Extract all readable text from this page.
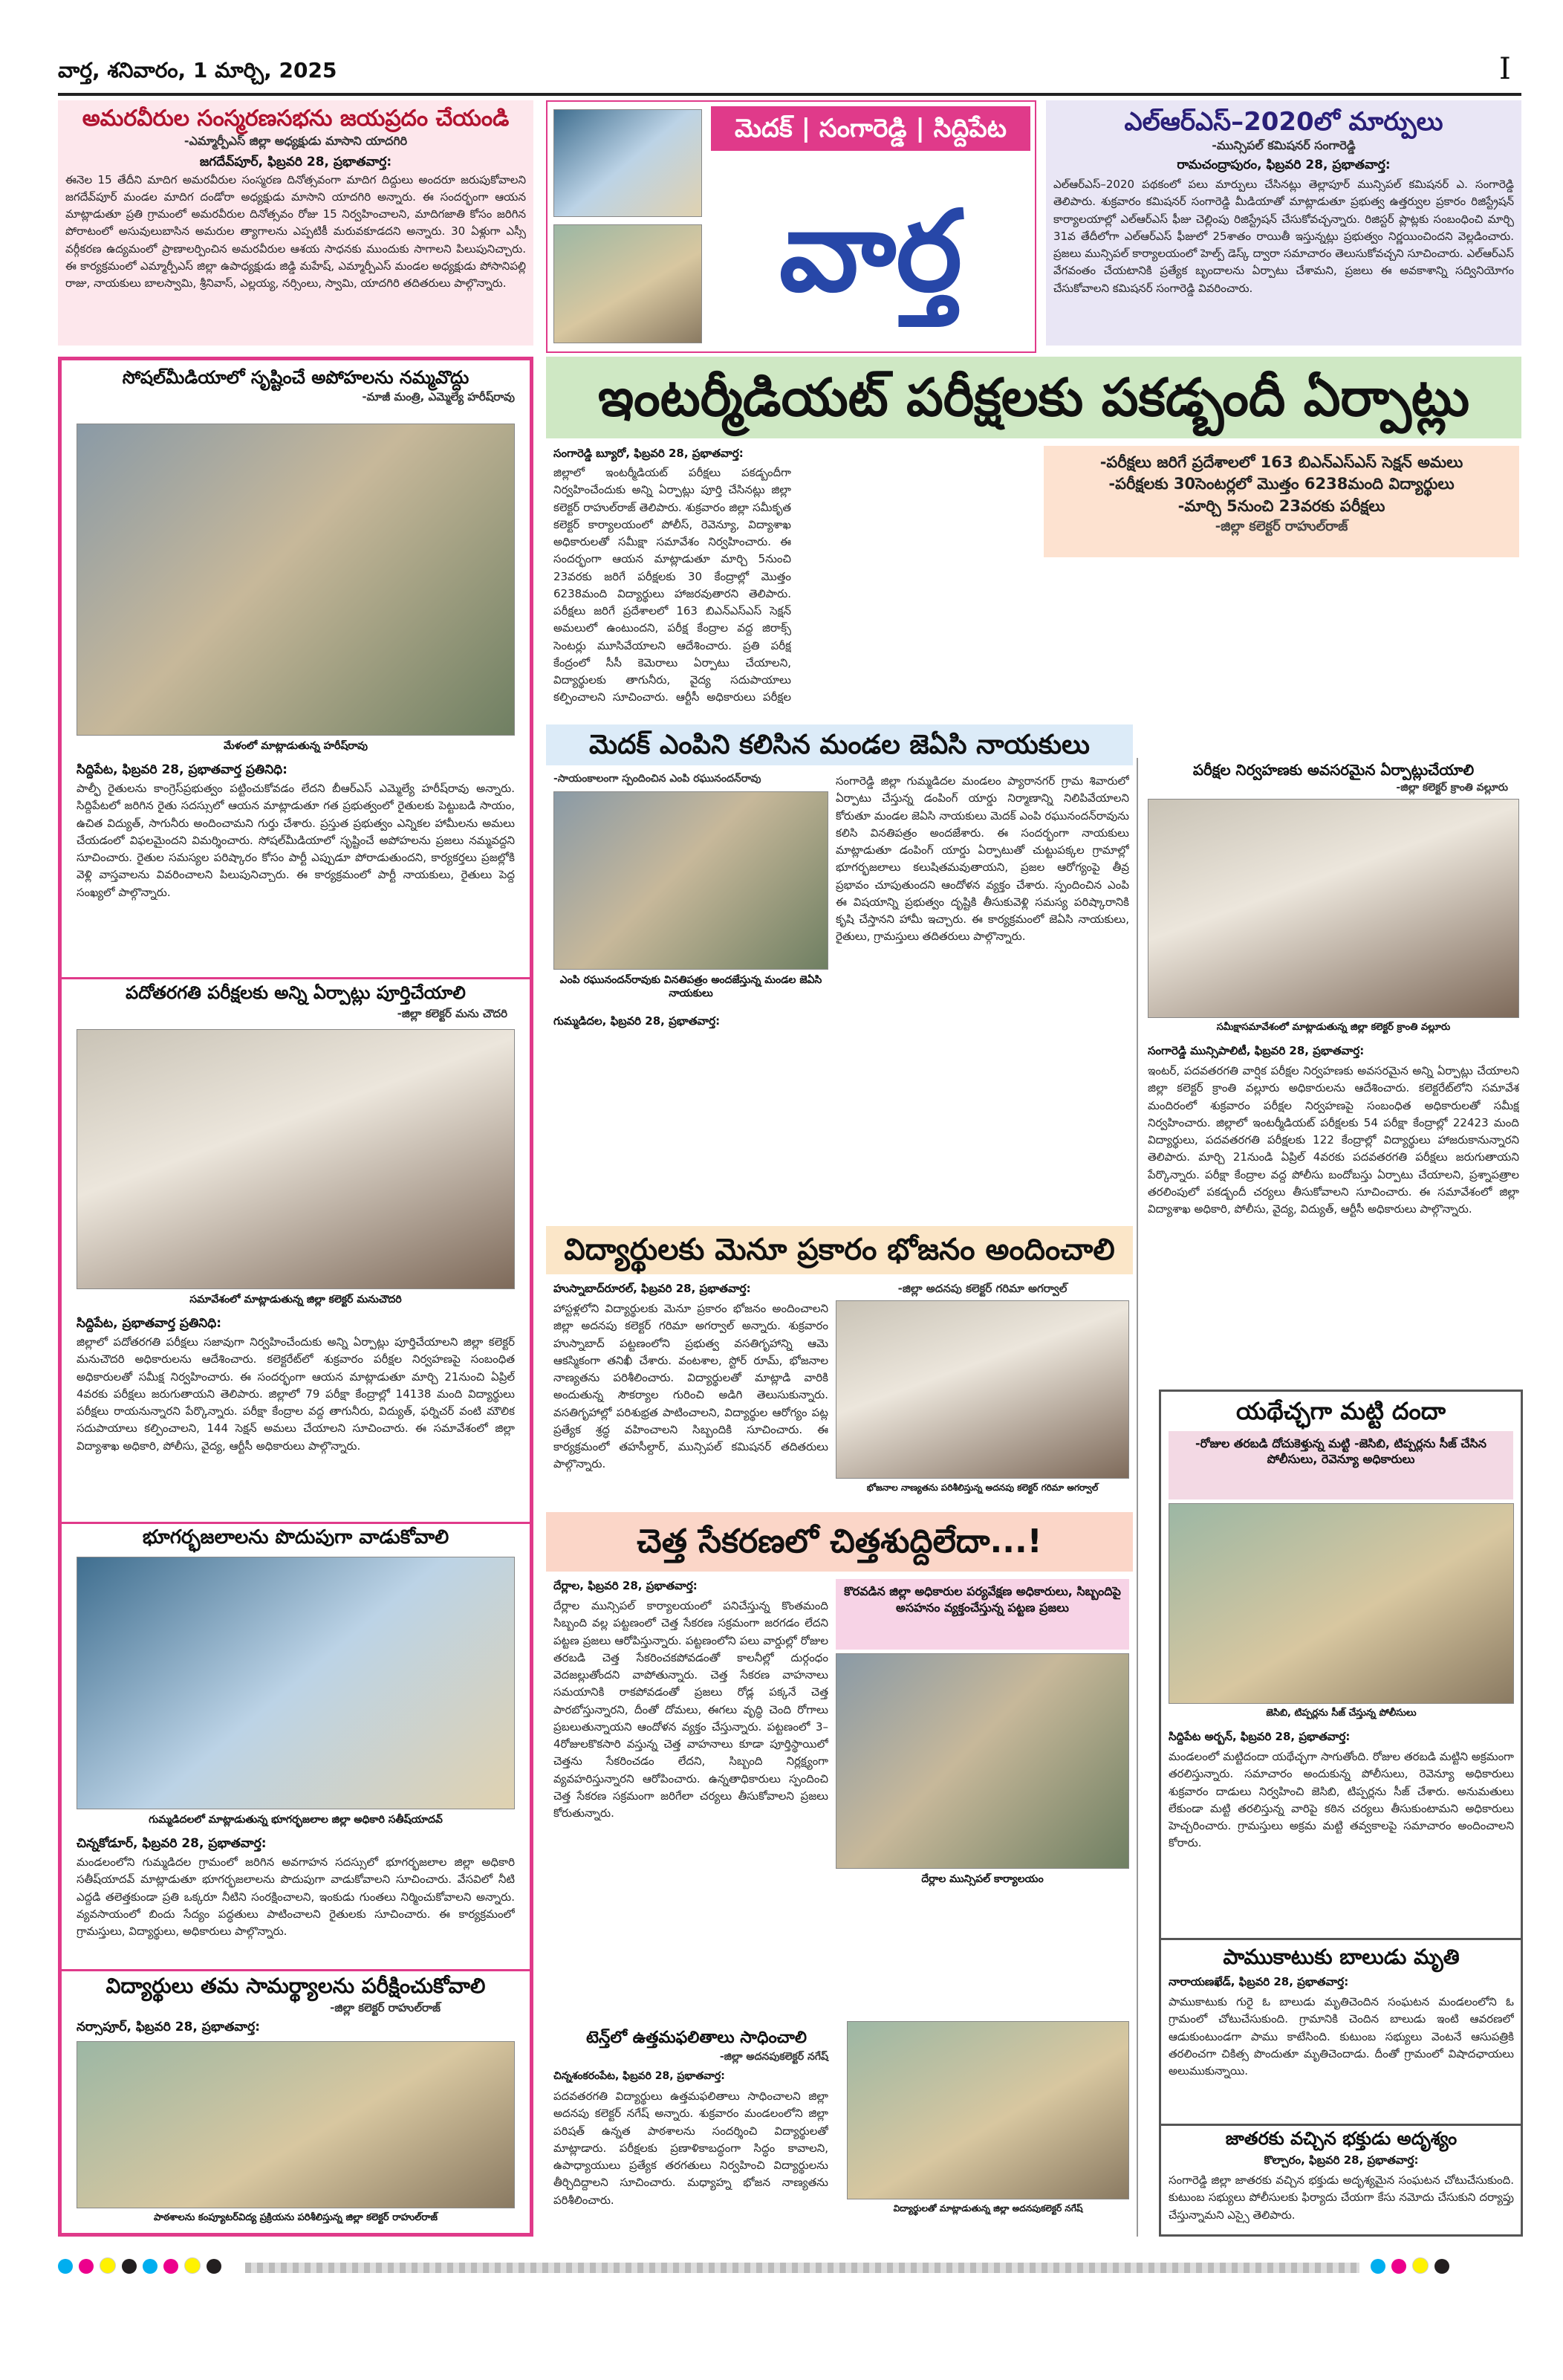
వార్త, శనివారం, 1 మార్చి, 2025	I
అమరవీరుల సంస్మరణసభను జయప్రదం చేయండి
-ఎమ్మార్పీఎస్ జిల్లా అధ్యక్షుడు మాసాని యాదగిరి
జగదేవ్‌పూర్, ఫిబ్రవరి 28, ప్రభాతవార్త:
ఈనెల 15 తేదీని మాదిగ అమరవీరుల సంస్మరణ దినోత్సవంగా మాదిగ దిద్దులు అందరూ జరుపుకోవాలని జగదేవ్‌పూర్ మండల మాదిగ దండోరా అధ్యక్షుడు మాసాని యాదగిరి అన్నారు. ఈ సందర్భంగా ఆయన మాట్లాడుతూ ప్రతి గ్రామంలో అమరవీరుల దినోత్సవం రోజు 15 నిర్వహించాలని, మాదిగజాతి కోసం జరిగిన పోరాటంలో అసువులుబాసిన అమరుల త్యాగాలను ఎప్పటికీ మరువకూడదని అన్నారు. 30 ఏళ్లుగా ఎస్సీ వర్గీకరణ ఉద్యమంలో ప్రాణాలర్పించిన అమరవీరుల ఆశయ సాధనకు ముందుకు సాగాలని పిలుపునిచ్చారు. ఈ కార్యక్రమంలో ఎమ్మార్పీఎస్ జిల్లా ఉపాధ్యక్షుడు జిడ్డి మహేష్, ఎమ్మార్పీఎస్ మండల అధ్యక్షుడు పోసానిపల్లి రాజు, నాయకులు బాలస్వామి, శ్రీనివాస్, ఎల్లయ్య, నర్సింలు, స్వామి, యాదగిరి తదితరులు పాల్గొన్నారు.
మెదక్ | సంగారెడ్డి | సిద్దిపేట
వార్త
ఎల్ఆర్ఎస్–2020లో మార్పులు
-మున్సిపల్ కమిషనర్ సంగారెడ్డి
రామచంద్రాపురం, ఫిబ్రవరి 28, ప్రభాతవార్త:
ఎల్ఆర్ఎస్–2020 పథకంలో పలు మార్పులు చేసినట్లు తెల్లాపూర్ మున్సిపల్ కమిషనర్ ఎ. సంగారెడ్డి తెలిపారు. శుక్రవారం కమిషనర్ సంగారెడ్డి మీడియాతో మాట్లాడుతూ ప్రభుత్వ ఉత్తర్వుల ప్రకారం రిజిస్ట్రేషన్ కార్యాలయాల్లో ఎల్ఆర్ఎస్ ఫీజు చెల్లింపు రిజిస్ట్రేషన్ చేసుకోవచ్చన్నారు. రిజిస్టర్ ప్లాట్లకు సంబంధించి మార్చి 31వ తేదీలోగా ఎల్ఆర్ఎస్ ఫీజులో 25శాతం రాయితీ ఇస్తున్నట్లు ప్రభుత్వం నిర్ణయించిందని వెల్లడించారు. ప్రజలు మున్సిపల్ కార్యాలయంలో హెల్ప్ డెస్క్ ద్వారా సమాచారం తెలుసుకోవచ్చని సూచించారు. ఎల్ఆర్ఎస్ వేగవంతం చేయటానికి ప్రత్యేక బృందాలను ఏర్పాటు చేశామని, ప్రజలు ఈ అవకాశాన్ని సద్వినియోగం చేసుకోవాలని కమిషనర్ సంగారెడ్డి వివరించారు.
సోషల్‌మీడియాలో సృష్టించే అపోహలను నమ్మవొద్దు
-మాజీ మంత్రి, ఎమ్మెల్యే హరీష్‌రావు
మేళంలో మాట్లాడుతున్న హరీష్‌రావు
సిద్దిపేట, ఫిబ్రవరి 28, ప్రభాతవార్త ప్రతినిధి:
పాల్ఫీ రైతులను కాంగ్రెస్‌ప్రభుత్వం పట్టించుకోవడం లేదని బీఆర్ఎస్ ఎమ్మెల్యే హరీష్‌రావు అన్నారు. సిద్దిపేటలో జరిగిన రైతు సదస్సులో ఆయన మాట్లాడుతూ గత ప్రభుత్వంలో రైతులకు పెట్టుబడి సాయం, ఉచిత విద్యుత్, సాగునీరు అందించామని గుర్తు చేశారు. ప్రస్తుత ప్రభుత్వం ఎన్నికల హామీలను అమలు చేయడంలో విఫలమైందని విమర్శించారు. సోషల్‌మీడియాలో సృష్టించే అపోహలను ప్రజలు నమ్మవద్దని సూచించారు. రైతుల సమస్యల పరిష్కారం కోసం పార్టీ ఎప్పుడూ పోరాడుతుందని, కార్యకర్తలు ప్రజల్లోకి వెళ్లి వాస్తవాలను వివరించాలని పిలుపునిచ్చారు. ఈ కార్యక్రమంలో పార్టీ నాయకులు, రైతులు పెద్ద సంఖ్యలో పాల్గొన్నారు.
పదోతరగతి పరీక్షలకు అన్ని ఏర్పాట్లు పూర్తిచేయాలి
-జిల్లా కలెక్టర్ మను చౌదరి
సమావేశంలో మాట్లాడుతున్న జిల్లా కలెక్టర్ మనుచౌదరి
సిద్దిపేట, ప్రభాతవార్త ప్రతినిధి:
జిల్లాలో పదోతరగతి పరీక్షలు సజావుగా నిర్వహించేందుకు అన్ని ఏర్పాట్లు పూర్తిచేయాలని జిల్లా కలెక్టర్ మనుచౌదరి అధికారులను ఆదేశించారు. కలెక్టరేట్‌లో శుక్రవారం పరీక్షల నిర్వహణపై సంబంధిత అధికారులతో సమీక్ష నిర్వహించారు. ఈ సందర్భంగా ఆయన మాట్లాడుతూ మార్చి 21నుంచి ఏప్రిల్ 4వరకు పరీక్షలు జరుగుతాయని తెలిపారు. జిల్లాలో 79 పరీక్షా కేంద్రాల్లో 14138 మంది విద్యార్థులు పరీక్షలు రాయనున్నారని పేర్కొన్నారు. పరీక్షా కేంద్రాల వద్ద తాగునీరు, విద్యుత్, ఫర్నిచర్ వంటి మౌలిక సదుపాయాలు కల్పించాలని, 144 సెక్షన్ అమలు చేయాలని సూచించారు. ఈ సమావేశంలో జిల్లా విద్యాశాఖ అధికారి, పోలీసు, వైద్య, ఆర్టీసీ అధికారులు పాల్గొన్నారు.
భూగర్భజలాలను పొదుపుగా వాడుకోవాలి
గుమ్మడిదలలో మాట్లాడుతున్న భూగర్భజలాల జిల్లా అధికారి సతీష్‌యాదవ్
చిన్నకోడూర్, ఫిబ్రవరి 28, ప్రభాతవార్త:
మండలంలోని గుమ్మడిదల గ్రామంలో జరిగిన అవగాహన సదస్సులో భూగర్భజలాల జిల్లా అధికారి సతీష్‌యాదవ్ మాట్లాడుతూ భూగర్భజలాలను పొదుపుగా వాడుకోవాలని సూచించారు. వేసవిలో నీటి ఎద్దడి తలెత్తకుండా ప్రతి ఒక్కరూ నీటిని సంరక్షించాలని, ఇంకుడు గుంతలు నిర్మించుకోవాలని అన్నారు. వ్యవసాయంలో బిందు సేద్యం పద్ధతులు పాటించాలని రైతులకు సూచించారు. ఈ కార్యక్రమంలో గ్రామస్తులు, విద్యార్థులు, అధికారులు పాల్గొన్నారు.
విద్యార్థులు తమ సామర్థ్యాలను పరీక్షించుకోవాలి
-జిల్లా కలెక్టర్ రాహుల్‌రాజ్
నర్సాపూర్, ఫిబ్రవరి 28, ప్రభాతవార్త:
పాఠశాలను కంప్యూటర్‌విద్య ప్రక్రియను పరిశీలిస్తున్న జిల్లా కలెక్టర్ రాహుల్‌రాజ్
ఇంటర్మీడియట్ పరీక్షలకు పకడ్బందీ ఏర్పాట్లు
సంగారెడ్డి బ్యూరో, ఫిబ్రవరి 28, ప్రభాతవార్త:
జిల్లాలో ఇంటర్మీడియట్ పరీక్షలు పకడ్బందీగా నిర్వహించేందుకు అన్ని ఏర్పాట్లు పూర్తి చేసినట్లు జిల్లా కలెక్టర్ రాహుల్‌రాజ్ తెలిపారు. శుక్రవారం జిల్లా సమీకృత కలెక్టర్ కార్యాలయంలో పోలీస్, రెవెన్యూ, విద్యాశాఖ అధికారులతో సమీక్షా సమావేశం నిర్వహించారు. ఈ సందర్భంగా ఆయన మాట్లాడుతూ మార్చి 5నుంచి 23వరకు జరిగే పరీక్షలకు 30 కేంద్రాల్లో మొత్తం 6238మంది విద్యార్థులు హాజరవుతారని తెలిపారు. పరీక్షలు జరిగే ప్రదేశాలలో 163 బిఎన్ఎస్ఎస్ సెక్షన్ అమలులో ఉంటుందని, పరీక్ష కేంద్రాల వద్ద జిరాక్స్ సెంటర్లు మూసివేయాలని ఆదేశించారు. ప్రతి పరీక్ష కేంద్రంలో సీసీ కెమెరాలు ఏర్పాటు చేయాలని, విద్యార్థులకు తాగునీరు, వైద్య సదుపాయాలు కల్పించాలని సూచించారు. ఆర్టీసీ అధికారులు పరీక్షల
-పరీక్షలు జరిగే ప్రదేశాలలో 163 బిఎన్ఎస్ఎస్ సెక్షన్ అమలు
-పరీక్షలకు 30సెంటర్లలో మొత్తం 6238మంది విద్యార్థులు
-మార్చి 5నుంచి 23వరకు పరీక్షలు
-జిల్లా కలెక్టర్ రాహుల్‌రాజ్
మెదక్ ఎంపిని కలిసిన మండల జెఏసి నాయకులు
-సాయంకాలంగా స్పందించిన ఎంపి రఘునందన్‌రావు
ఎంపి రఘునందన్‌రావుకు వినతిపత్రం అందజేస్తున్న మండల జెఏసి నాయకులు
గుమ్మడిదల, ఫిబ్రవరి 28, ప్రభాతవార్త:
సంగారెడ్డి జిల్లా గుమ్మడిదల మండలం ప్యారానగర్ గ్రామ శివారులో ఏర్పాటు చేస్తున్న డంపింగ్ యార్డు నిర్మాణాన్ని నిలిపివేయాలని కోరుతూ మండల జెఏసి నాయకులు మెదక్ ఎంపి రఘునందన్‌రావును కలిసి వినతిపత్రం అందజేశారు. ఈ సందర్భంగా నాయకులు మాట్లాడుతూ డంపింగ్ యార్డు ఏర్పాటుతో చుట్టుపక్కల గ్రామాల్లో భూగర్భజలాలు కలుషితమవుతాయని, ప్రజల ఆరోగ్యంపై తీవ్ర ప్రభావం చూపుతుందని ఆందోళన వ్యక్తం చేశారు. స్పందించిన ఎంపి ఈ విషయాన్ని ప్రభుత్వం దృష్టికి తీసుకువెళ్లి సమస్య పరిష్కారానికి కృషి చేస్తానని హామీ ఇచ్చారు. ఈ కార్యక్రమంలో జెఏసి నాయకులు, రైతులు, గ్రామస్తులు తదితరులు పాల్గొన్నారు.
పరీక్షల నిర్వహణకు అవసరమైన ఏర్పాట్లుచేయాలి
-జిల్లా కలెక్టర్ క్రాంతి వల్లూరు
సమీక్షాసమావేశంలో మాట్లాడుతున్న జిల్లా కలెక్టర్ క్రాంతి వల్లూరు
సంగారెడ్డి మున్సిపాలిటీ, ఫిబ్రవరి 28, ప్రభాతవార్త:
ఇంటర్, పదవతరగతి వార్షిక పరీక్షల నిర్వహణకు అవసరమైన అన్ని ఏర్పాట్లు చేయాలని జిల్లా కలెక్టర్ క్రాంతి వల్లూరు అధికారులను ఆదేశించారు. కలెక్టరేట్‌లోని సమావేశ మందిరంలో శుక్రవారం పరీక్షల నిర్వహణపై సంబంధిత అధికారులతో సమీక్ష నిర్వహించారు. జిల్లాలో ఇంటర్మీడియట్ పరీక్షలకు 54 పరీక్షా కేంద్రాల్లో 22423 మంది విద్యార్థులు, పదవతరగతి పరీక్షలకు 122 కేంద్రాల్లో విద్యార్థులు హాజరుకానున్నారని తెలిపారు. మార్చి 21నుండి ఏప్రిల్ 4వరకు పదవతరగతి పరీక్షలు జరుగుతాయని పేర్కొన్నారు. పరీక్షా కేంద్రాల వద్ద పోలీసు బందోబస్తు ఏర్పాటు చేయాలని, ప్రశ్నాపత్రాల తరలింపులో పకడ్బందీ చర్యలు తీసుకోవాలని సూచించారు. ఈ సమావేశంలో జిల్లా విద్యాశాఖ అధికారి, పోలీసు, వైద్య, విద్యుత్, ఆర్టీసీ అధికారులు పాల్గొన్నారు.
విద్యార్థులకు మెనూ ప్రకారం భోజనం అందించాలి
హుస్నాబాద్‌రూరల్, ఫిబ్రవరి 28, ప్రభాతవార్త:
హాస్టళ్లలోని విద్యార్థులకు మెనూ ప్రకారం భోజనం అందించాలని జిల్లా అదనపు కలెక్టర్ గరిమా అగర్వాల్ అన్నారు. శుక్రవారం హుస్నాబాద్ పట్టణంలోని ప్రభుత్వ వసతిగృహాన్ని ఆమె ఆకస్మికంగా తనిఖీ చేశారు. వంటశాల, స్టోర్ రూమ్, భోజనాల నాణ్యతను పరిశీలించారు. విద్యార్థులతో మాట్లాడి వారికి అందుతున్న సౌకర్యాల గురించి అడిగి తెలుసుకున్నారు. వసతిగృహాల్లో పరిశుభ్రత పాటించాలని, విద్యార్థుల ఆరోగ్యం పట్ల ప్రత్యేక శ్రద్ధ వహించాలని సిబ్బందికి సూచించారు. ఈ కార్యక్రమంలో తహసీల్దార్, మున్సిపల్ కమిషనర్ తదితరులు పాల్గొన్నారు.
-జిల్లా అదనపు కలెక్టర్ గరిమా అగర్వాల్
భోజనాల నాణ్యతను పరిశీలిస్తున్న అదనపు కలెక్టర్ గరిమా అగర్వాల్
చెత్త సేకరణలో చిత్తశుద్దిలేదా...!
దేర్లాల, ఫిబ్రవరి 28, ప్రభాతవార్త:
దేర్లాల మున్సిపల్ కార్యాలయంలో పనిచేస్తున్న కొంతమంది సిబ్బంది వల్ల పట్టణంలో చెత్త సేకరణ సక్రమంగా జరగడం లేదని పట్టణ ప్రజలు ఆరోపిస్తున్నారు. పట్టణంలోని పలు వార్డుల్లో రోజుల తరబడి చెత్త సేకరించకపోవడంతో కాలనీల్లో దుర్గంధం వెదజల్లుతోందని వాపోతున్నారు. చెత్త సేకరణ వాహనాలు సమయానికి రాకపోవడంతో ప్రజలు రోడ్ల పక్కనే చెత్త పారబోస్తున్నారని, దీంతో దోమలు, ఈగలు వృద్ధి చెంది రోగాలు ప్రబలుతున్నాయని ఆందోళన వ్యక్తం చేస్తున్నారు. పట్టణంలో 3–4రోజులకొకసారి వస్తున్న చెత్త వాహనాలు కూడా పూర్తిస్థాయిలో చెత్తను సేకరించడం లేదని, సిబ్బంది నిర్లక్ష్యంగా వ్యవహరిస్తున్నారని ఆరోపించారు. ఉన్నతాధికారులు స్పందించి చెత్త సేకరణ సక్రమంగా జరిగేలా చర్యలు తీసుకోవాలని ప్రజలు కోరుతున్నారు.
కొరవడిన జిల్లా అధికారుల పర్యవేక్షణ అధికారులు, సిబ్బందిపై అసహనం వ్యక్తంచేస్తున్న పట్టణ ప్రజలు
దేర్లాల మున్సిపల్ కార్యాలయం
టెన్త్‌లో ఉత్తమఫలితాలు సాధించాలి
-జిల్లా అదనపుకలెక్టర్ నగేష్
చిన్నశంకరంపేట, ఫిబ్రవరి 28, ప్రభాతవార్త:
పదవతరగతి విద్యార్థులు ఉత్తమఫలితాలు సాధించాలని జిల్లా అదనపు కలెక్టర్ నగేష్ అన్నారు. శుక్రవారం మండలంలోని జిల్లా పరిషత్ ఉన్నత పాఠశాలను సందర్శించి విద్యార్థులతో మాట్లాడారు. పరీక్షలకు ప్రణాళికాబద్ధంగా సిద్ధం కావాలని, ఉపాధ్యాయులు ప్రత్యేక తరగతులు నిర్వహించి విద్యార్థులను తీర్చిదిద్దాలని సూచించారు. మధ్యాహ్న భోజన నాణ్యతను పరిశీలించారు.
విద్యార్థులతో మాట్లాడుతున్న జిల్లా అదనపుకలెక్టర్ నగేష్
యథేచ్ఛగా మట్టి దందా
-రోజుల తరబడి దోచుకెళ్తున్న మట్టి -జెసిబి, టిప్పర్లను సీజ్ చేసిన పోలీసులు, రెవెన్యూ అధికారులు
జెసిబి, టిప్పర్లను సీజ్ చేస్తున్న పోలీసులు
సిద్దిపేట అర్బన్, ఫిబ్రవరి 28, ప్రభాతవార్త:
మండలంలో మట్టిదందా యథేచ్ఛగా సాగుతోంది. రోజుల తరబడి మట్టిని అక్రమంగా తరలిస్తున్నారు. సమాచారం అందుకున్న పోలీసులు, రెవెన్యూ అధికారులు శుక్రవారం దాడులు నిర్వహించి జెసిబి, టిప్పర్లను సీజ్ చేశారు. అనుమతులు లేకుండా మట్టి తరలిస్తున్న వారిపై కఠిన చర్యలు తీసుకుంటామని అధికారులు హెచ్చరించారు. గ్రామస్తులు అక్రమ మట్టి తవ్వకాలపై సమాచారం అందించాలని కోరారు.
పాముకాటుకు బాలుడు మృతి
నారాయణఖేడ్, ఫిబ్రవరి 28, ప్రభాతవార్త:
పాముకాటుకు గురై ఓ బాలుడు మృతిచెందిన సంఘటన మండలంలోని ఓ గ్రామంలో చోటుచేసుకుంది. గ్రామానికి చెందిన బాలుడు ఇంటి ఆవరణలో ఆడుకుంటుండగా పాము కాటేసింది. కుటుంబ సభ్యులు వెంటనే ఆసుపత్రికి తరలించగా చికిత్స పొందుతూ మృతిచెందాడు. దీంతో గ్రామంలో విషాదఛాయలు అలుముకున్నాయి.
జాతరకు వచ్చిన భక్తుడు అదృశ్యం
కొల్చారం, ఫిబ్రవరి 28, ప్రభాతవార్త:
సంగారెడ్డి జిల్లా జాతరకు వచ్చిన భక్తుడు అదృశ్యమైన సంఘటన చోటుచేసుకుంది. కుటుంబ సభ్యులు పోలీసులకు ఫిర్యాదు చేయగా కేసు నమోదు చేసుకుని దర్యాప్తు చేస్తున్నామని ఎస్సై తెలిపారు.
